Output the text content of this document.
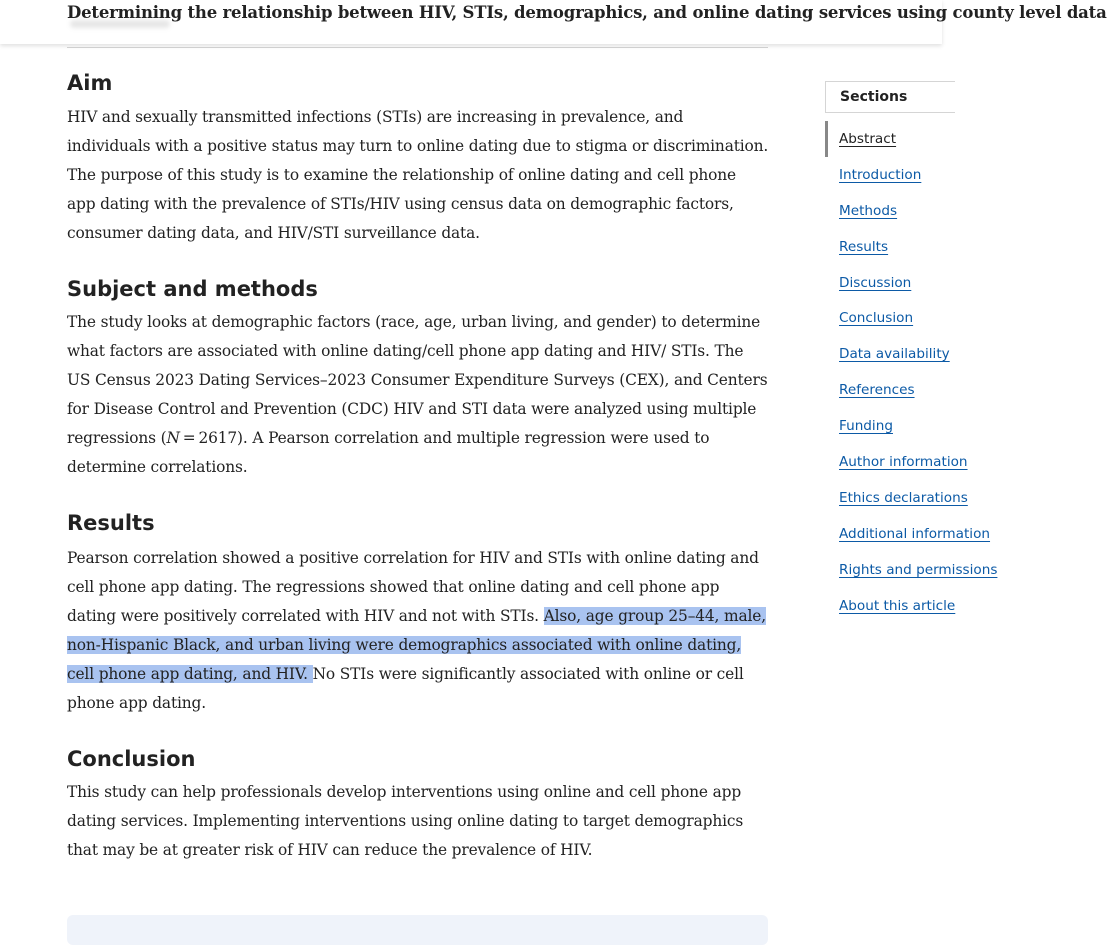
Determining the relationship between HIV, STIs, demographics, and online dating services using county level data
Aim

HIV and sexually transmitted infections (STIs) are increasing in prevalence, and individuals with a positive status may turn to online dating due to stigma or discrimination. The purpose of this study is to examine the relationship of online dating and cell phone app dating with the prevalence of STIs/HIV using census data on demographic factors, consumer dating data, and HIV/STI surveillance data.

Subject and methods

The study looks at demographic factors (race, age, urban living, and gender) to determine what factors are associated with online dating/cell phone app dating and HIV/ STIs. The US Census 2023 Dating Services–2023 Consumer Expenditure Surveys (CEX), and Centers for Disease Control and Prevention (CDC) HIV and STI data were analyzed using multiple regressions (N = 2617). A Pearson correlation and multiple regression were used to determine correlations.

Results

Pearson correlation showed a positive correlation for HIV and STIs with online dating and cell phone app dating. The regressions showed that online dating and cell phone app dating were positively correlated with HIV and not with STIs. Also, age group 25–44, male, non-Hispanic Black, and urban living were demographics associated with online dating, cell phone app dating, and HIV. No STIs were significantly associated with online or cell phone app dating.

Conclusion

This study can help professionals develop interventions using online and cell phone app dating services. Implementing interventions using online dating to target demographics that may be at greater risk of HIV can reduce the prevalence of HIV.

Sections
Abstract
Introduction
Methods
Results
Discussion
Conclusion
Data availability
References
Funding
Author information
Ethics declarations
Additional information
Rights and permissions
About this article
